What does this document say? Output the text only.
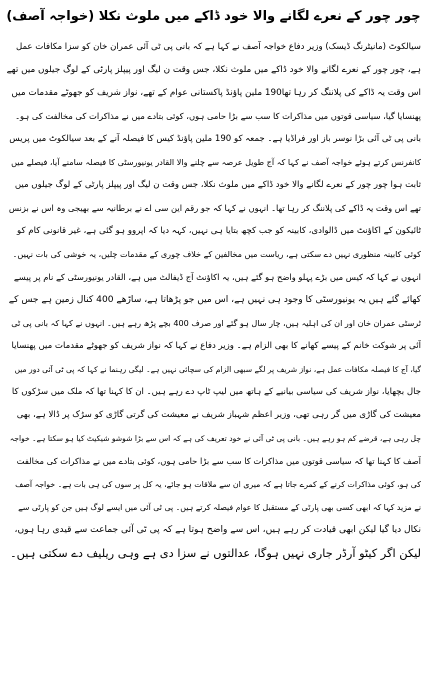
چور چور کے نعرے لگانے والا خود ڈاکے میں ملوث نکلا (خواجہ آصف)
سیالکوٹ (مانیٹرنگ ڈیسک) وزیر دفاع خواجہ آصف نے کہا ہے کہ بانی پی ٹی آئی عمران خان کو سزا مکافات عمل
ہے، چور چور کے نعرے لگانے والا خود ڈاکے میں ملوث نکلا، جس وقت ن لیگ اور پیپلز پارٹی کے لوگ جیلوں میں تھے
اس وقت یہ ڈاکے کی پلاننگ کر رہا تھا190 ملین پاؤنڈ پاکستانی عوام کے تھے، نواز شریف کو جھوٹے مقدمات میں
پھنسایا گیا، سیاسی قوتوں میں مذاکرات کا سب سے بڑا حامی ہوں، کوئی بتادے میں نے مذاکرات کی مخالفت کی ہو۔
بانی پی ٹی آئی بڑا نوسر باز اور فراڈیا ہے۔ جمعہ کو 190 ملین پاؤنڈ کیس کا فیصلہ آنے کے بعد سیالکوٹ میں پریس
کانفرنس کرتے ہوئے خواجہ آصف نے کہا کہ آج طویل عرصہ سے چلنے والا القادر یونیورسٹی کا فیصلہ سامنے آیا، فیصلے میں
ثابت ہوا چور چور کے نعرے لگانے والا خود ڈاکے میں ملوث نکلا، جس وقت ن لیگ اور پیپلز پارٹی کے لوگ جیلوں میں
تھے اس وقت یہ ڈاکے کی پلاننگ کر رہا تھا۔ انہوں نے کہا کہ جو رقم این سی اے نے برطانیہ سے بھیجی وہ اس نے بزنس
ٹائیکون کے اکاؤنٹ میں ڈالوادی، کابینہ کو جب کچھ بتایا ہی نہیں، کہہ دیا کہ اپروو ہو گئی ہے، غیر قانونی کام کو
کوئی کابینہ منظوری نہیں دے سکتی ہے، ریاست میں مخالفین کے خلاف چوری کے مقدمات چلیں، یہ خوشی کی بات نہیں۔
انہوں نے کہا کہ کیس میں بڑے پہلو واضح ہو گئے ہیں، یہ اکاؤنٹ آج ڈیفالٹ میں ہے، القادر یونیورسٹی کے نام پر پیسے
کھائے گئے ہیں یہ یونیورسٹی کا وجود ہی نہیں ہے، اس میں جو پڑھاتا ہے، ساڑھے 400 کنال زمین ہے جس کے
ٹرسٹی عمران خان اور ان کی اہلیہ ہیں، چار سال ہو گئے اور صرف 400 بچے پڑھ رہے ہیں۔ انہوں نے کہا کہ بانی پی ٹی
آئی پر شوکت خانم کے پیسے کھانے کا بھی الزام ہے۔ وزیر دفاع نے کہا کہ نواز شریف کو جھوٹے مقدمات میں پھنسایا
گیا، آج کا فیصلہ مکافات عمل ہے، نواز شریف پر لگے سبھی الزام کی سچائی نہیں ہے۔ لیگی رہنما نے کہا کہ پی ٹی آئی دور میں
جال بچھایا، نواز شریف کی سیاسی بیانیے کے ہاتھ میں لیپ ٹاپ دے رہے ہیں۔ ان کا کہنا تھا کہ ملک میں سڑکوں کا
معیشت کی گاڑی میں گر رہی تھی، وزیر اعظم شہباز شریف نے معیشت کی گرتی گاڑی کو سڑک پر ڈالا ہے، بھی
چل رہی ہے، قرضے کم ہو رہے ہیں۔ بانی پی ٹی آئی نے خود تعریف کی ہے کہ اس سے بڑا شوشو شیکیٹ کیا ہو سکتا ہے۔ خواجہ
آصف کا کہنا تھا کہ سیاسی قوتوں میں مذاکرات کا سب سے بڑا حامی ہوں، کوئی بتادے میں نے مذاکرات کی مخالفت
کی ہو، کوئی مذاکرات کرنے کے کمرے جاتا ہے کہ میری ان سے ملاقات ہو جائے، یہ کل پر سوں کی ہی بات ہے۔ خواجہ آصف
نے مزید کہا کہ ابھی کسی بھی پارٹی کے مستقبل کا عوام فیصلہ کرتے ہیں۔ پی ٹی آئی میں ایسے لوگ ہیں جن کو پارٹی سے
نکال دیا گیا لیکن ابھی قیادت کر رہے ہیں، اس سے واضح ہوتا ہے کہ پی ٹی آئی جماعت سے قیدی رہا ہوں،
لیکن اگر کیٹو آرڈر جاری نہیں ہوگا، عدالتوں نے سزا دی ہے وہی ریلیف دے سکتی ہیں۔
